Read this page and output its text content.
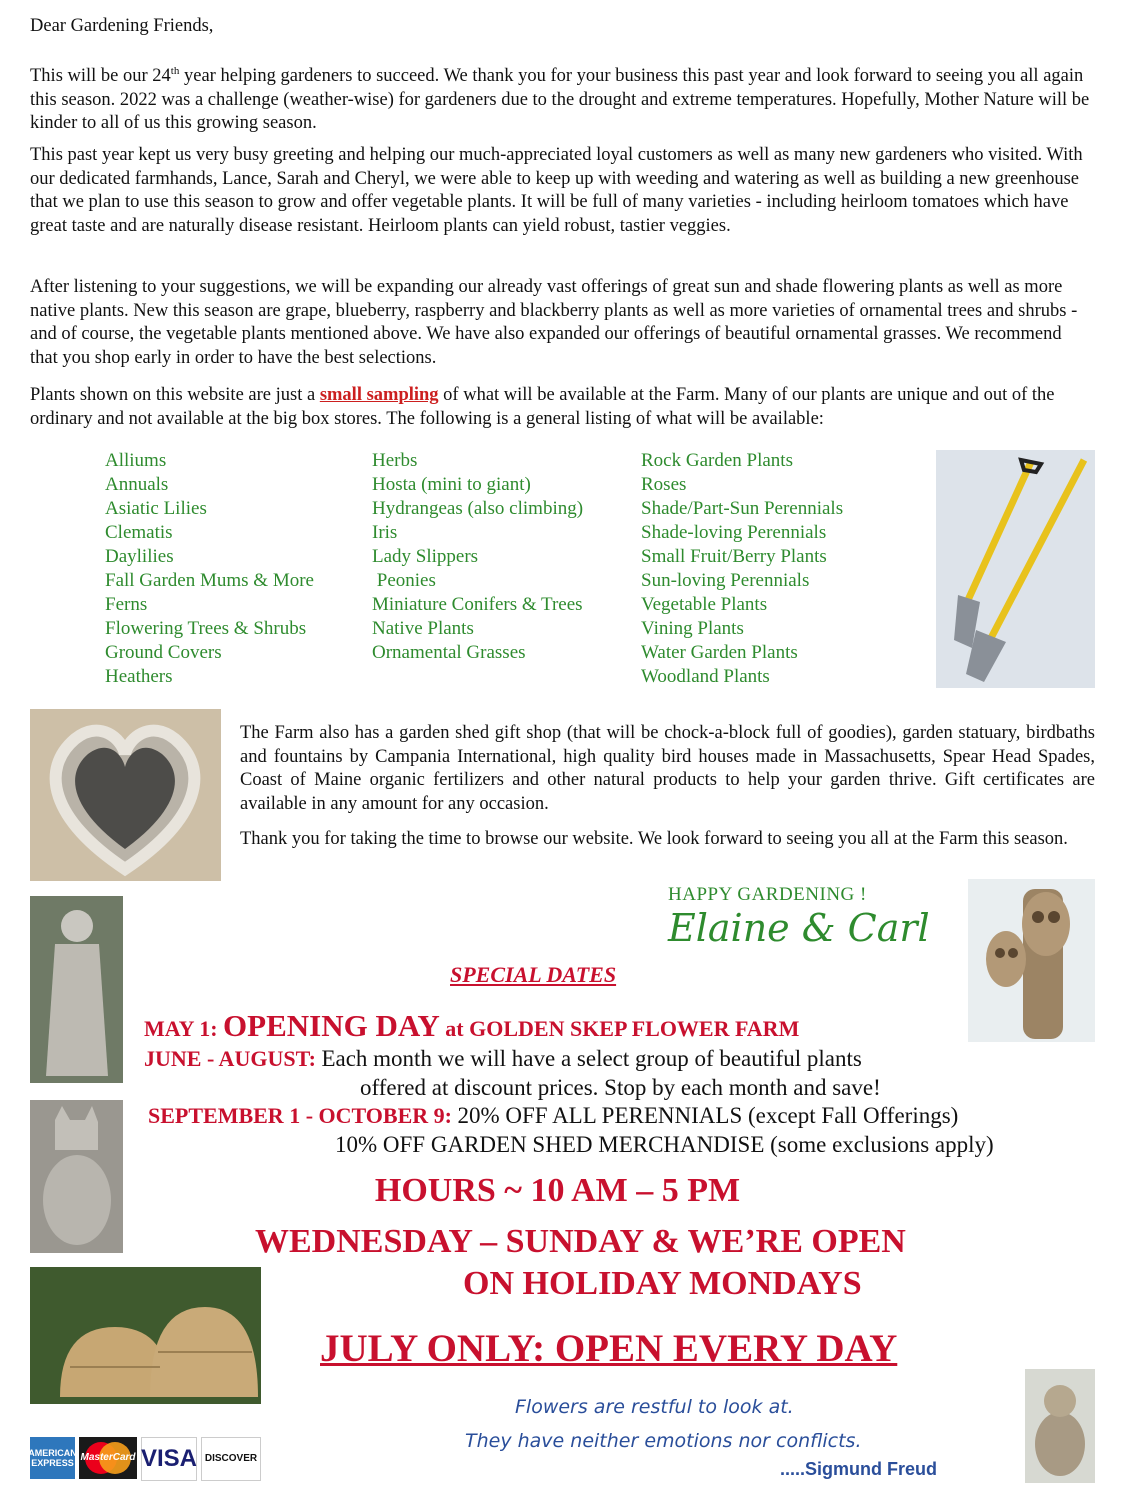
Dear Gardening Friends,

This will be our 24th year helping gardeners to succeed. We thank you for your business this past year and look forward to seeing you all again this season. 2022 was a challenge (weather-wise) for gardeners due to the drought and extreme temperatures. Hopefully, Mother Nature will be kinder to all of us this growing season.

This past year kept us very busy greeting and helping our much-appreciated loyal customers as well as many new gardeners who visited. With our dedicated farmhands, Lance, Sarah and Cheryl, we were able to keep up with weeding and watering as well as building a new greenhouse that we plan to use this season to grow and offer vegetable plants. It will be full of many varieties - including heirloom tomatoes which have great taste and are naturally disease resistant. Heirloom plants can yield robust, tastier veggies.

After listening to your suggestions, we will be expanding our already vast offerings of great sun and shade flowering plants as well as more native plants. New this season are grape, blueberry, raspberry and blackberry plants as well as more varieties of ornamental trees and shrubs - and of course, the vegetable plants mentioned above. We have also expanded our offerings of beautiful ornamental grasses. We recommend that you shop early in order to have the best selections.

Plants shown on this website are just a small sampling of what will be available at the Farm. Many of our plants are unique and out of the ordinary and not available at the big box stores. The following is a general listing of what will be available:

Alliums
Annuals
Asiatic Lilies
Clematis
Daylilies
Fall Garden Mums & More
Ferns
Flowering Trees & Shrubs
Ground Covers
Heathers
Herbs
Hosta (mini to giant)
Hydrangeas (also climbing)
Iris
Lady Slippers
Peonies
Miniature Conifers & Trees
Native Plants
Ornamental Grasses
Rock Garden Plants
Roses
Shade/Part-Sun Perennials
Shade-loving Perennials
Small Fruit/Berry Plants
Sun-loving Perennials
Vegetable Plants
Vining Plants
Water Garden Plants
Woodland Plants

The Farm also has a garden shed gift shop (that will be chock-a-block full of goodies), garden statuary, birdbaths and fountains by Campania International, high quality bird houses made in Massachusetts, Spear Head Spades, Coast of Maine organic fertilizers and other natural products to help your garden thrive. Gift certificates are available in any amount for any occasion.

Thank you for taking the time to browse our website. We look forward to seeing you all at the Farm this season.

HAPPY GARDENING !
Elaine & Carl
SPECIAL DATES
MAY 1: OPENING DAY at GOLDEN SKEP FLOWER FARM
JUNE - AUGUST: Each month we will have a select group of beautiful plants
offered at discount prices. Stop by each month and save!
SEPTEMBER 1 - OCTOBER 9: 20% OFF ALL PERENNIALS (except Fall Offerings)
10% OFF GARDEN SHED MERCHANDISE (some exclusions apply)
HOURS ~ 10 AM – 5 PM
WEDNESDAY – SUNDAY & WE’RE OPEN
ON HOLIDAY MONDAYS
JULY ONLY: OPEN EVERY DAY
Flowers are restful to look at.
They have neither emotions nor conflicts.
.....Sigmund Freud
AMERICAN EXPRESS MasterCard VISA DISCOVER
